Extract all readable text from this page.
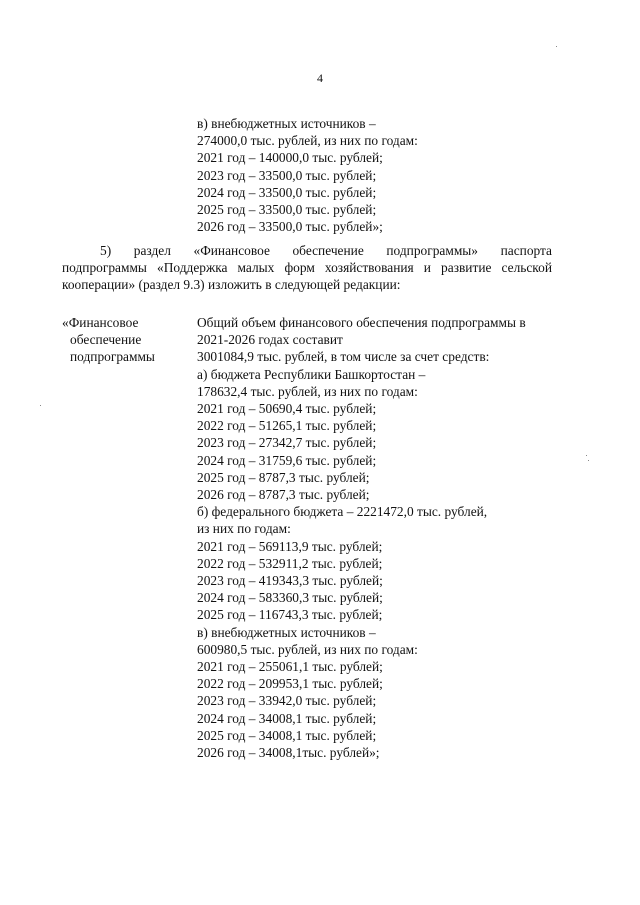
4
в) внебюджетных источников –
274000,0 тыс. рублей, из них по годам:
2021 год – 140000,0 тыс. рублей;
2023 год – 33500,0 тыс. рублей;
2024 год – 33500,0 тыс. рублей;
2025 год – 33500,0 тыс. рублей;
2026 год – 33500,0 тыс. рублей»;
5) раздел «Финансовое обеспечение подпрограммы» паспорта
подпрограммы «Поддержка малых форм хозяйствования и развитие сельской
кооперации» (раздел 9.3) изложить в следующей редакции:
«Финансовое
обеспечение
подпрограммы
Общий объем финансового обеспечения подпрограммы в
2021-2026 годах составит
3001084,9 тыс. рублей, в том числе за счет средств:
а) бюджета Республики Башкортостан –
178632,4 тыс. рублей, из них по годам:
2021 год – 50690,4 тыс. рублей;
2022 год – 51265,1 тыс. рублей;
2023 год – 27342,7 тыс. рублей;
2024 год – 31759,6 тыс. рублей;
2025 год – 8787,3 тыс. рублей;
2026 год – 8787,3 тыс. рублей;
б) федерального бюджета – 2221472,0 тыс. рублей,
из них по годам:
2021 год – 569113,9 тыс. рублей;
2022 год – 532911,2 тыс. рублей;
2023 год – 419343,3 тыс. рублей;
2024 год – 583360,3 тыс. рублей;
2025 год – 116743,3 тыс. рублей;
в) внебюджетных источников –
600980,5 тыс. рублей, из них по годам:
2021 год – 255061,1 тыс. рублей;
2022 год – 209953,1 тыс. рублей;
2023 год – 33942,0 тыс. рублей;
2024 год – 34008,1 тыс. рублей;
2025 год – 34008,1 тыс. рублей;
2026 год – 34008,1тыс. рублей»;
